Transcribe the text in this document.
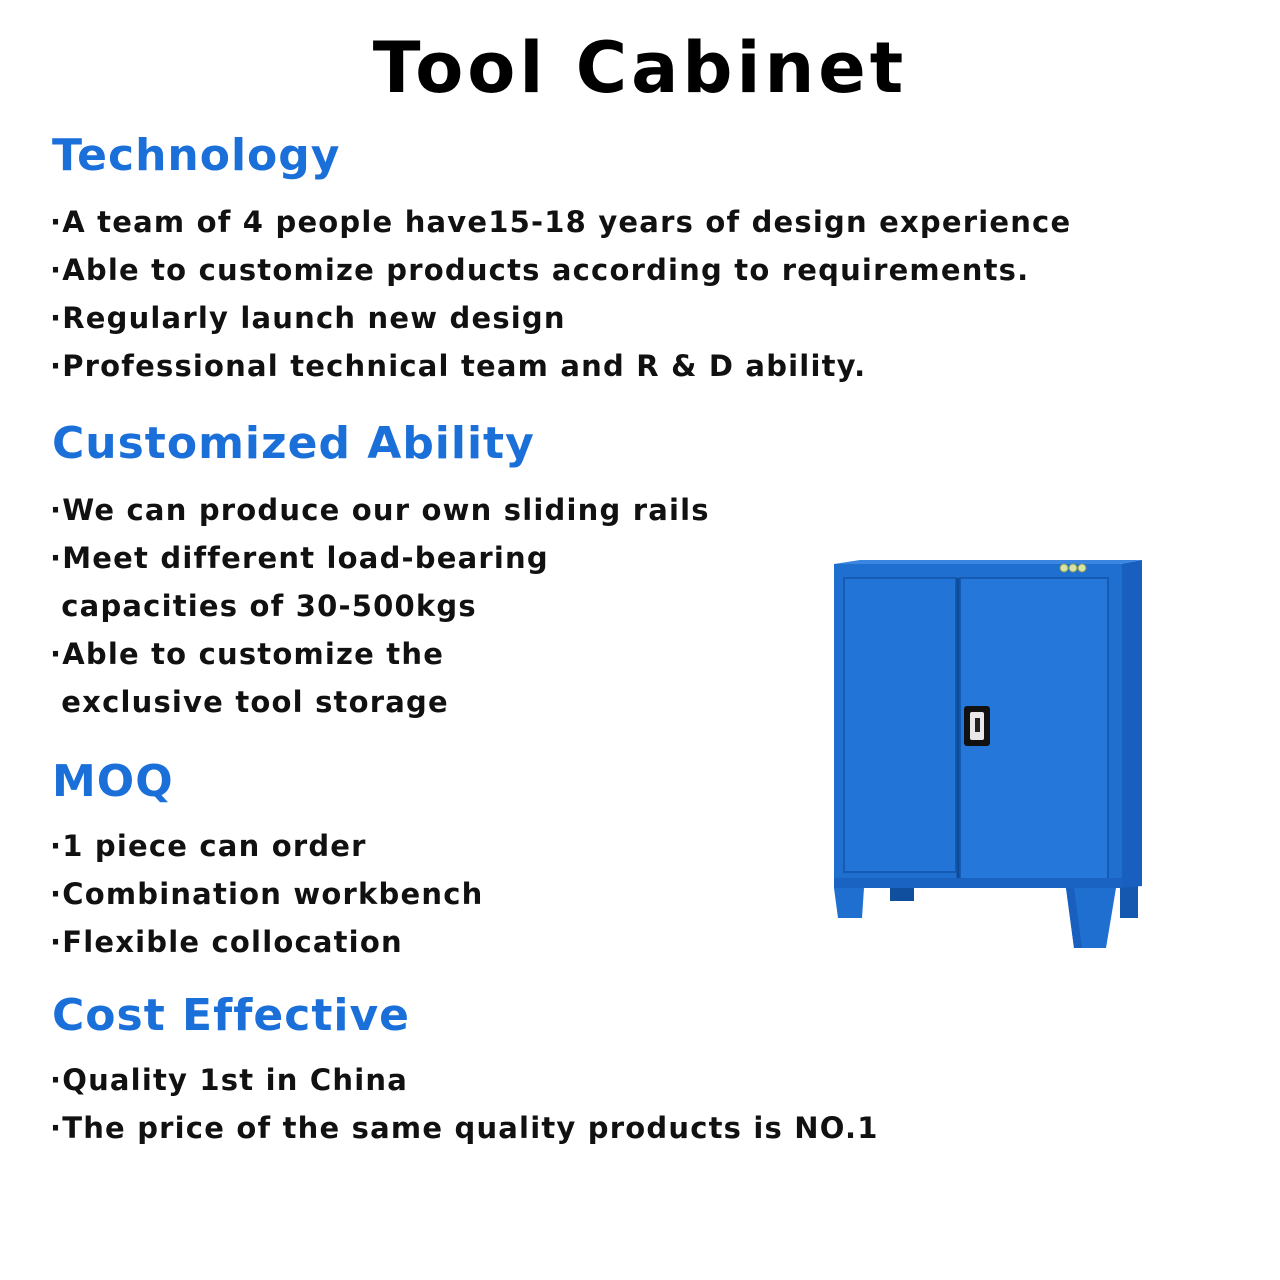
Tool Cabinet
Technology
·A team of 4 people have15-18 years of design experience
·Able to customize products according to requirements.
·Regularly launch new design
·Professional technical team and R & D ability.
Customized Ability
·We can produce our own sliding rails
·Meet different load-bearing
capacities of 30-500kgs
·Able to customize the
exclusive tool storage
MOQ
·1 piece can order
·Combination workbench
·Flexible collocation
Cost Effective
·Quality 1st in China
·The price of the same quality products is NO.1
